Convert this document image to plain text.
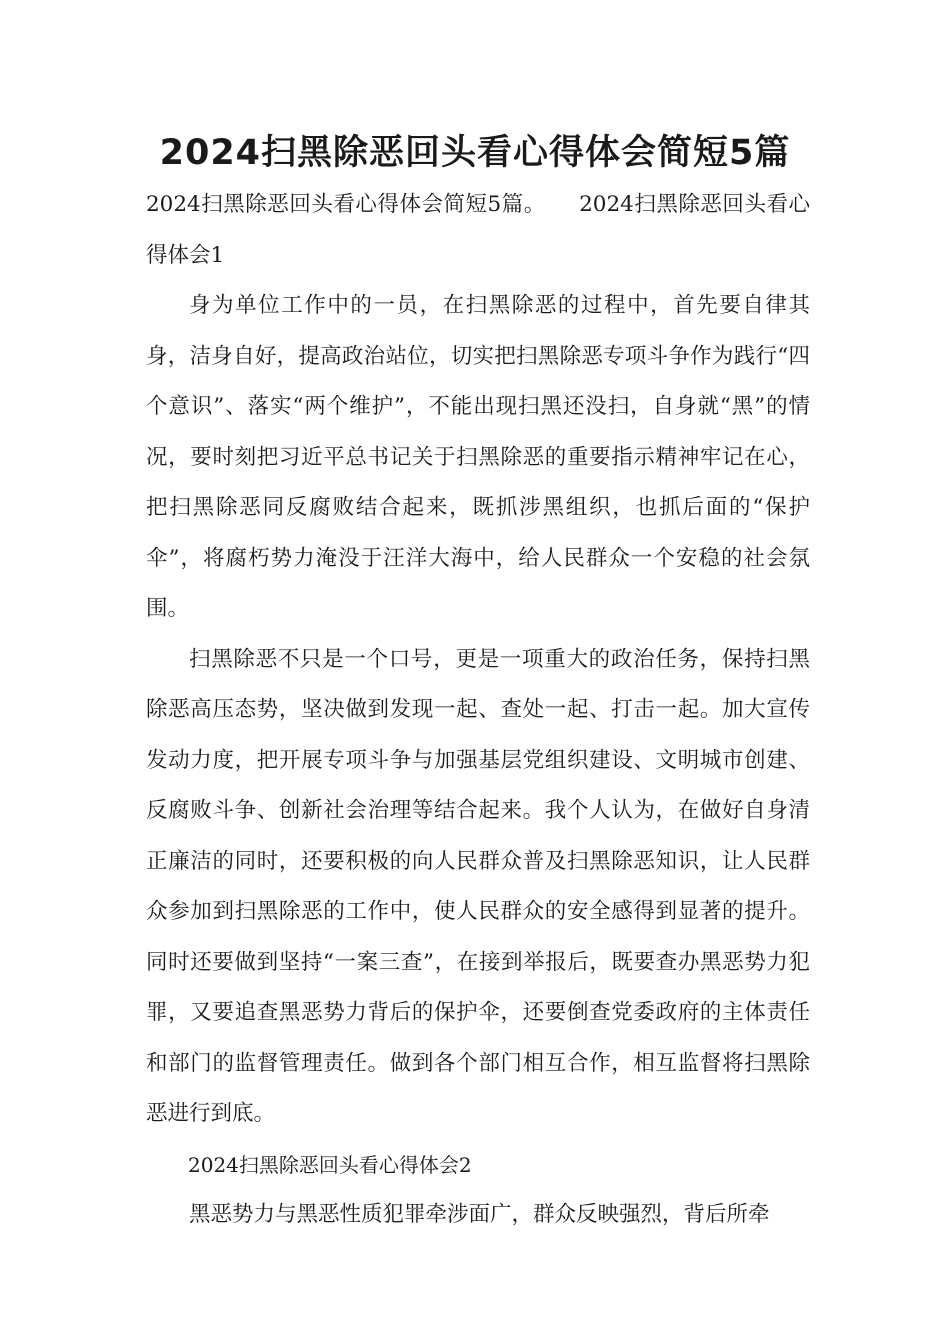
2024扫黑除恶回头看心得体会简短5篇

2024扫黑除恶回头看心得体会简短5篇。　　2024扫黑除恶回头看心得体会1

身为单位工作中的一员，在扫黑除恶的过程中，首先要自律其身，洁身自好，提高政治站位，切实把扫黑除恶专项斗争作为践行“四个意识”、落实“两个维护”，不能出现扫黑还没扫，自身就“黑”的情况，要时刻把习近平总书记关于扫黑除恶的重要指示精神牢记在心，把扫黑除恶同反腐败结合起来，既抓涉黑组织，也抓后面的“保护伞”，将腐朽势力淹没于汪洋大海中，给人民群众一个安稳的社会氛围。

扫黑除恶不只是一个口号，更是一项重大的政治任务，保持扫黑除恶高压态势，坚决做到发现一起、查处一起、打击一起。加大宣传发动力度，把开展专项斗争与加强基层党组织建设、文明城市创建、反腐败斗争、创新社会治理等结合起来。我个人认为，在做好自身清正廉洁的同时，还要积极的向人民群众普及扫黑除恶知识，让人民群众参加到扫黑除恶的工作中，使人民群众的安全感得到显著的提升。同时还要做到坚持“一案三查”，在接到举报后，既要查办黑恶势力犯罪，又要追查黑恶势力背后的保护伞，还要倒查党委政府的主体责任和部门的监督管理责任。做到各个部门相互合作，相互监督将扫黑除恶进行到底。

2024扫黑除恶回头看心得体会2

黑恶势力与黑恶性质犯罪牵涉面广，群众反映强烈，背后所牵
